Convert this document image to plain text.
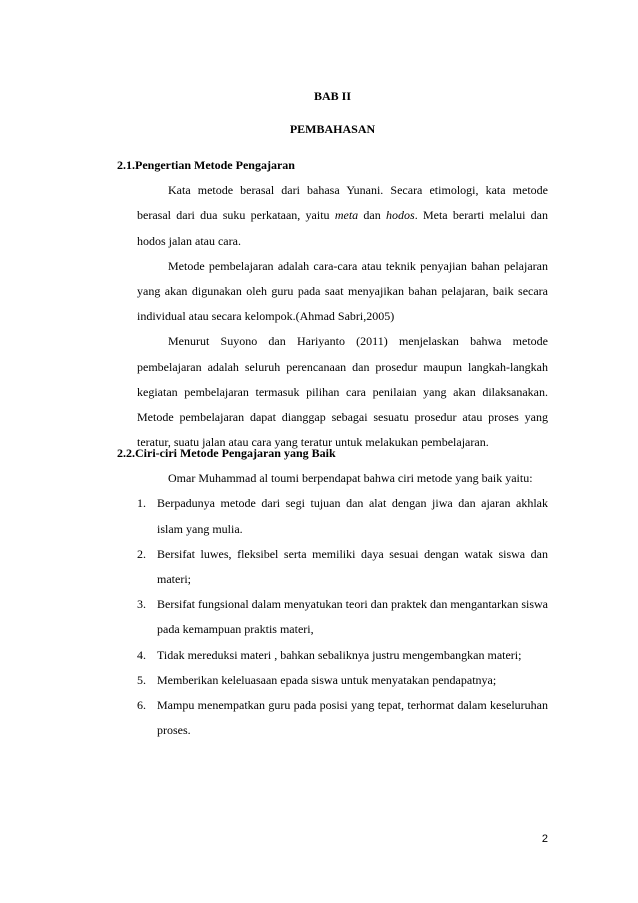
BAB II
PEMBAHASAN
2.1.Pengertian Metode Pengajaran

Kata metode berasal dari bahasa Yunani. Secara etimologi, kata metode berasal dari dua suku perkataan, yaitu meta dan hodos. Meta berarti melalui dan hodos jalan atau cara.

Metode pembelajaran adalah cara-cara atau teknik penyajian bahan pelajaran yang akan digunakan oleh guru pada saat menyajikan bahan pelajaran, baik secara individual atau secara kelompok.(Ahmad Sabri,2005)

Menurut Suyono dan Hariyanto (2011) menjelaskan bahwa metode pembelajaran adalah seluruh perencanaan dan prosedur maupun langkah-langkah kegiatan pembelajaran termasuk pilihan cara penilaian yang akan dilaksanakan. Metode pembelajaran dapat dianggap sebagai sesuatu prosedur atau proses yang teratur, suatu jalan atau cara yang teratur untuk melakukan pembelajaran.

2.2.Ciri-ciri Metode Pengajaran yang Baik

Omar Muhammad al toumi berpendapat bahwa ciri metode yang baik yaitu:

1. Berpadunya metode dari segi tujuan dan alat dengan jiwa dan ajaran akhlak islam yang mulia.
2. Bersifat luwes, fleksibel serta memiliki daya sesuai dengan watak siswa dan materi;
3. Bersifat fungsional dalam menyatukan teori dan praktek dan mengantarkan siswa pada kemampuan praktis materi,
4. Tidak mereduksi materi , bahkan sebaliknya justru mengembangkan materi;
5. Memberikan keleluasaan epada siswa untuk menyatakan pendapatnya;
6. Mampu menempatkan guru pada posisi yang tepat, terhormat dalam keseluruhan proses.
2
